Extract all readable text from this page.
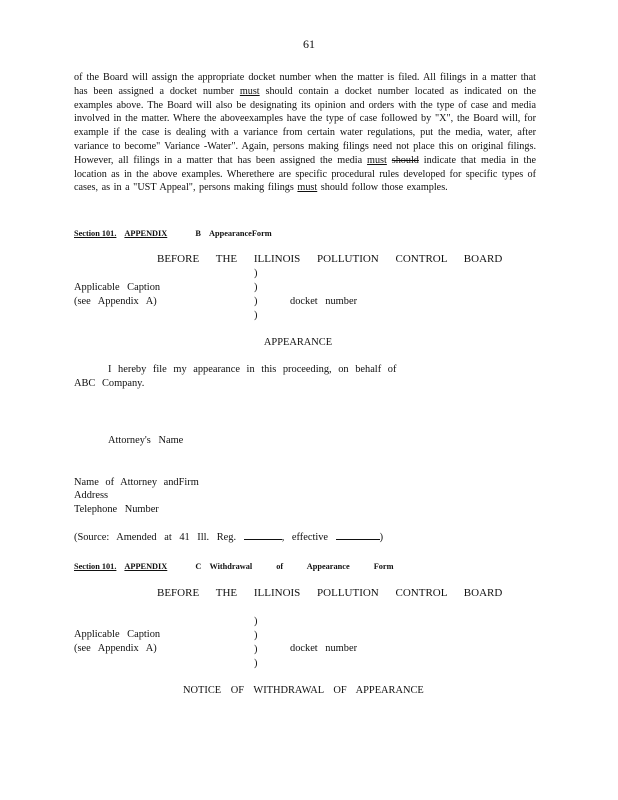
61
of the Board will assign the appropriate docket number when the matter is filed. All filings in a matter that has been assigned a docket number must should contain a docket number located as indicated on the examples above. The Board will also be designating its opinion and orders with the type of case and media involved in the matter. Where the aboveexamples have the type of case followed by "X", the Board will, for example if the case is dealing with a variance from certain water regulations, put the media, water, after variance to become" Variance -Water". Again, persons making filings need not place this on original filings. However, all filings in a matter that has been assigned the media must should indicate that media in the location as in the above examples. Wherethere are specific procedural rules developed for specific types of cases, as in a "UST Appeal", persons making filings must should follow those examples.
Section 101. APPENDIX	B AppearanceForm
BEFORE THE ILLINOIS POLLUTION CONTROL BOARD
)
)
)
)
Applicable Caption
(see Appendix A)	docket number
APPEARANCE
I hereby file my appearance in this proceeding, on behalf of
ABC Company.
Attorney's Name
Name of Attorney andFirm
Address
Telephone Number
(Source: Amended at 41 Ill. Reg.	, effective	)
Section 101. APPENDIX	C Withdrawal of Appearance Form
BEFORE THE ILLINOIS POLLUTION CONTROL BOARD
)
)
)
)
Applicable Caption
(see Appendix A)	docket number
NOTICE OF WITHDRAWAL OF APPEARANCE
